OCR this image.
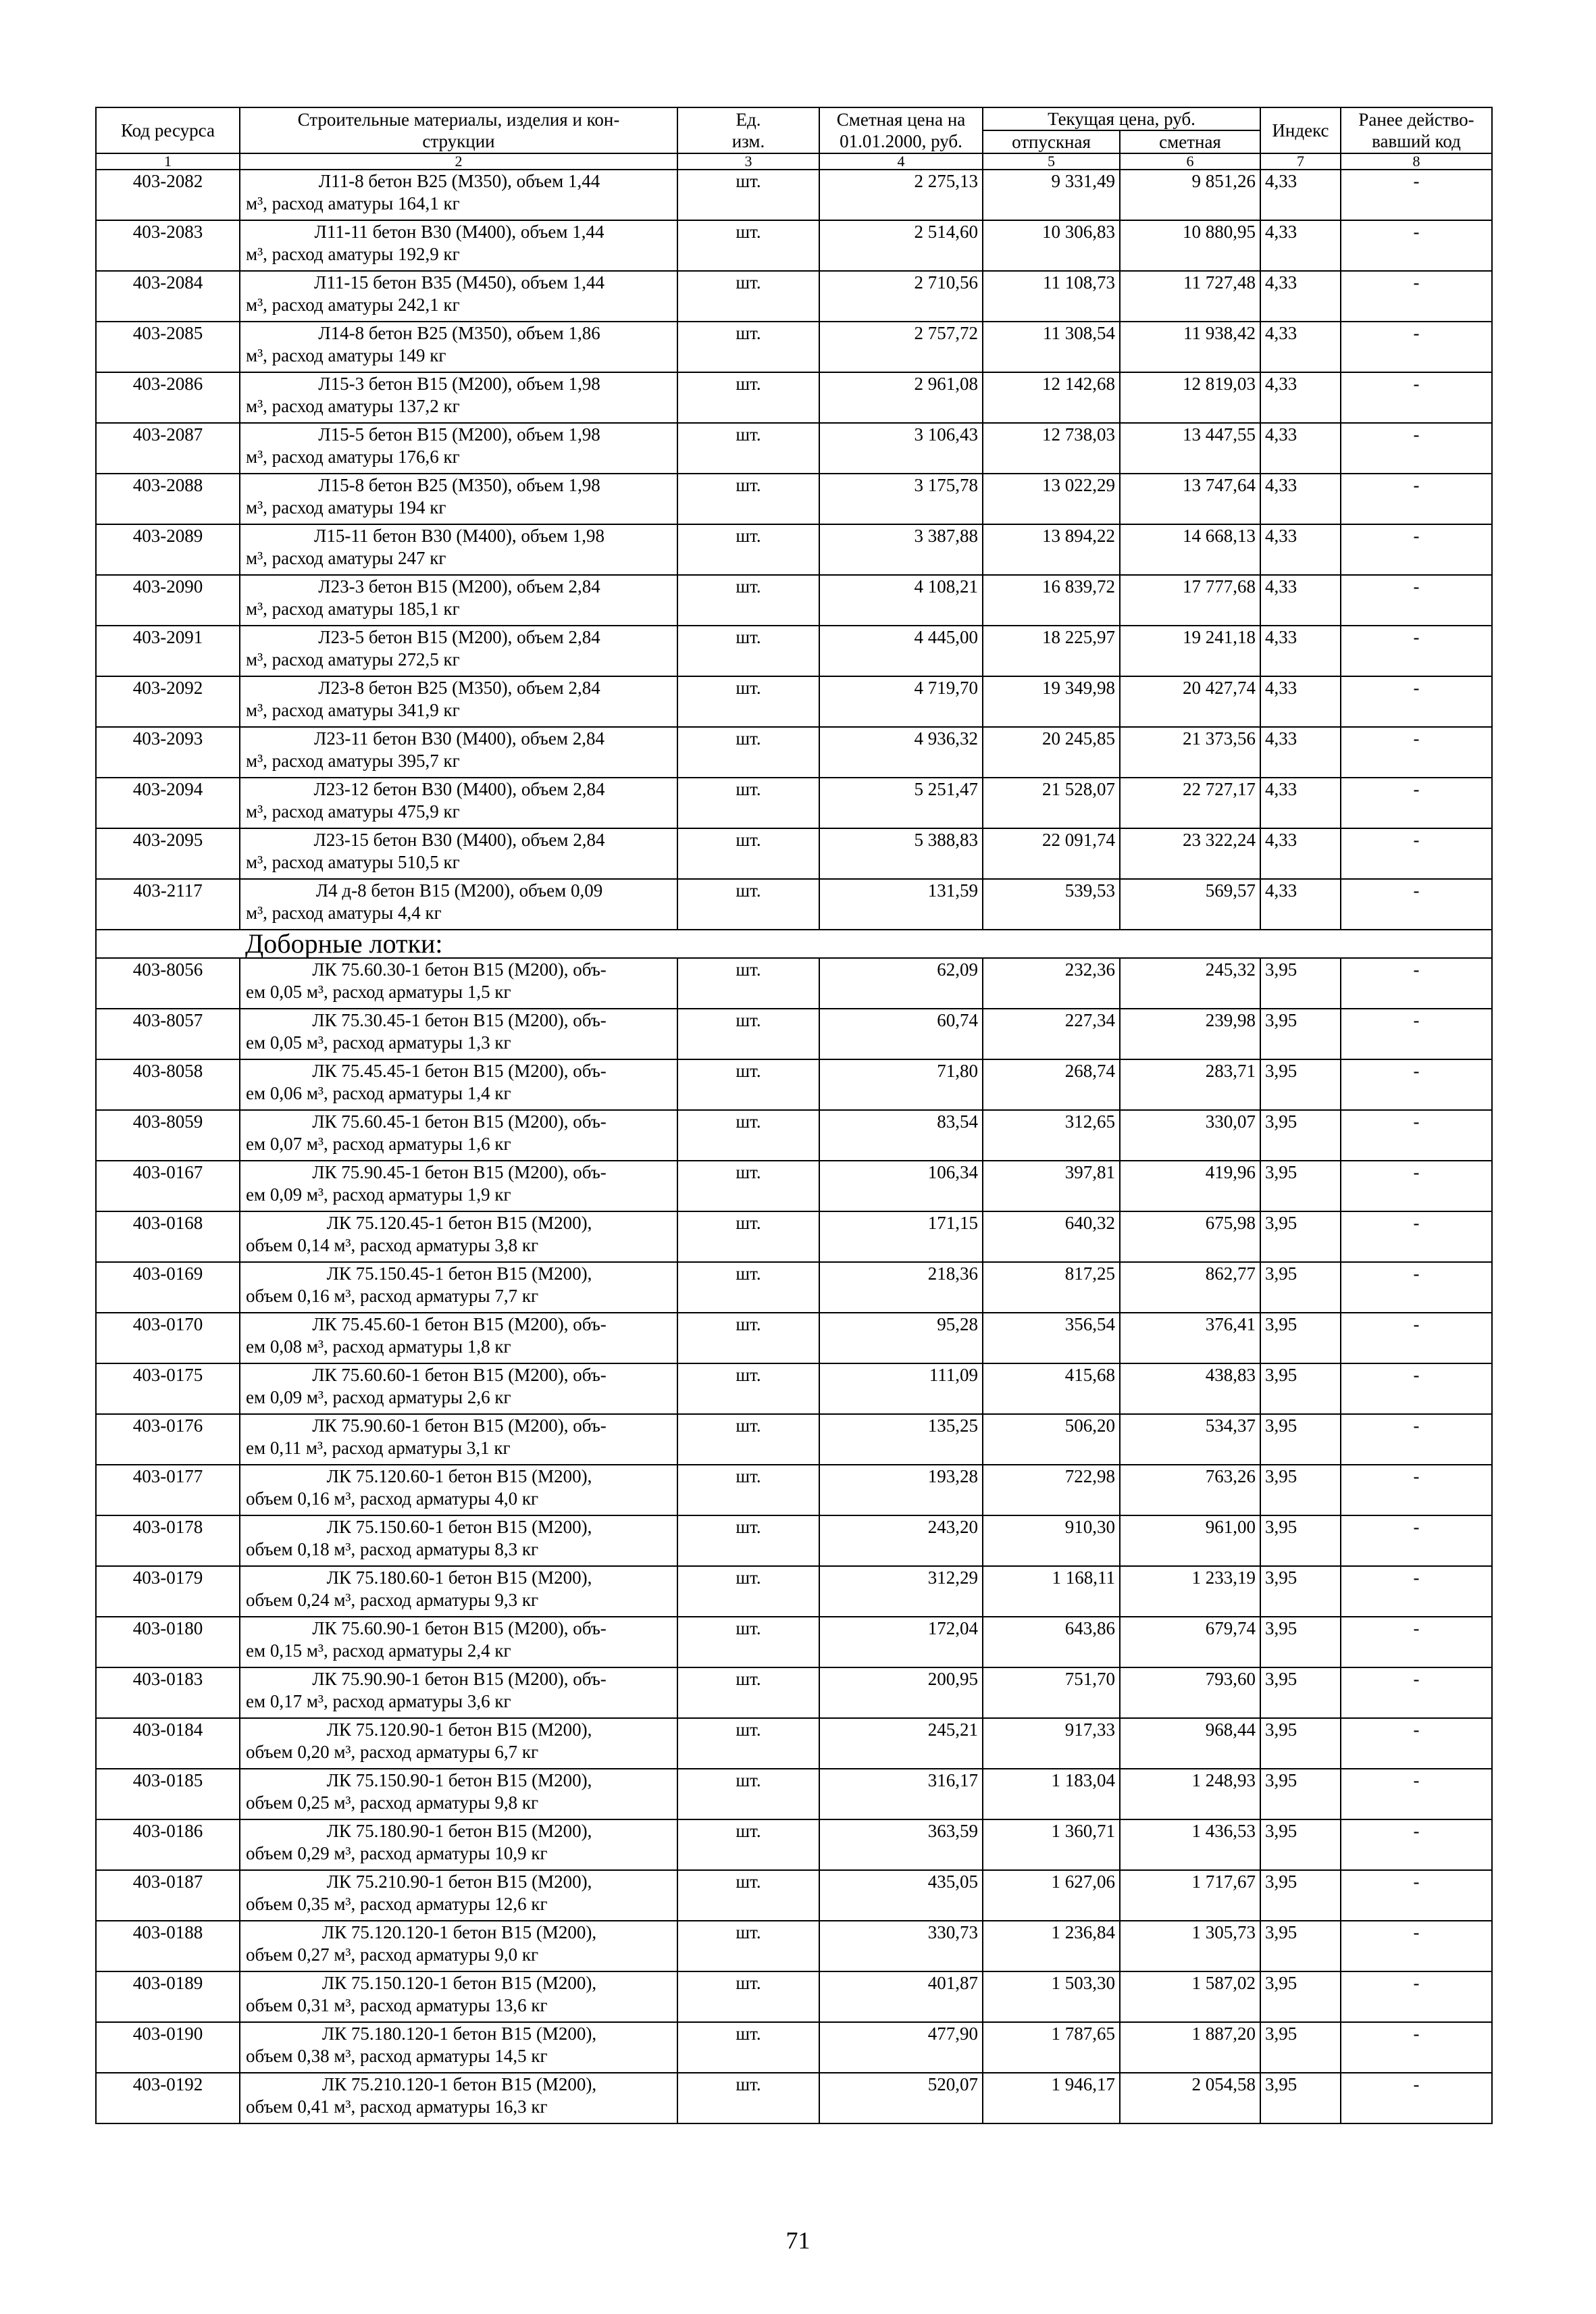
Код ресурса	Строительные материалы, изделия и кон-
струкции	Ед.
изм.	Сметная цена на
01.01.2000, руб.	Текущая цена, руб.		Индекс	Ранее действо-
вавший код
				отпускная	сметная		
1	2	3	4	5	6	7	8
403-2082	Л11-8 бетон В25 (М350), объем 1,44
м³, расход аматуры 164,1 кг	шт.	2 275,13	9 331,49	9 851,26	4,33	-
403-2083	Л11-11 бетон В30 (М400), объем 1,44
м³, расход аматуры 192,9 кг	шт.	2 514,60	10 306,83	10 880,95	4,33	-
403-2084	Л11-15 бетон В35 (М450), объем 1,44
м³, расход аматуры 242,1 кг	шт.	2 710,56	11 108,73	11 727,48	4,33	-
403-2085	Л14-8 бетон В25 (М350), объем 1,86
м³, расход аматуры 149 кг	шт.	2 757,72	11 308,54	11 938,42	4,33	-
403-2086	Л15-3 бетон В15 (М200), объем 1,98
м³, расход аматуры 137,2 кг	шт.	2 961,08	12 142,68	12 819,03	4,33	-
403-2087	Л15-5 бетон В15 (М200), объем 1,98
м³, расход аматуры 176,6 кг	шт.	3 106,43	12 738,03	13 447,55	4,33	-
403-2088	Л15-8 бетон В25 (М350), объем 1,98
м³, расход аматуры 194 кг	шт.	3 175,78	13 022,29	13 747,64	4,33	-
403-2089	Л15-11 бетон В30 (М400), объем 1,98
м³, расход аматуры 247 кг	шт.	3 387,88	13 894,22	14 668,13	4,33	-
403-2090	Л23-3 бетон В15 (М200), объем 2,84
м³, расход аматуры 185,1 кг	шт.	4 108,21	16 839,72	17 777,68	4,33	-
403-2091	Л23-5 бетон В15 (М200), объем 2,84
м³, расход аматуры 272,5 кг	шт.	4 445,00	18 225,97	19 241,18	4,33	-
403-2092	Л23-8 бетон В25 (М350), объем 2,84
м³, расход аматуры 341,9 кг	шт.	4 719,70	19 349,98	20 427,74	4,33	-
403-2093	Л23-11 бетон В30 (М400), объем 2,84
м³, расход аматуры 395,7 кг	шт.	4 936,32	20 245,85	21 373,56	4,33	-
403-2094	Л23-12 бетон В30 (М400), объем 2,84
м³, расход аматуры 475,9 кг	шт.	5 251,47	21 528,07	22 727,17	4,33	-
403-2095	Л23-15 бетон В30 (М400), объем 2,84
м³, расход аматуры 510,5 кг	шт.	5 388,83	22 091,74	23 322,24	4,33	-
403-2117	Л4 д-8 бетон В15 (М200), объем 0,09
м³, расход аматуры 4,4 кг	шт.	131,59	539,53	569,57	4,33	-
Доборные лотки:							
403-8056	ЛК 75.60.30-1 бетон В15 (М200), объ-
ем 0,05 м³, расход арматуры 1,5 кг	шт.	62,09	232,36	245,32	3,95	-
403-8057	ЛК 75.30.45-1 бетон В15 (М200), объ-
ем 0,05 м³, расход арматуры 1,3 кг	шт.	60,74	227,34	239,98	3,95	-
403-8058	ЛК 75.45.45-1 бетон В15 (М200), объ-
ем 0,06 м³, расход арматуры 1,4 кг	шт.	71,80	268,74	283,71	3,95	-
403-8059	ЛК 75.60.45-1 бетон В15 (М200), объ-
ем 0,07 м³, расход арматуры 1,6 кг	шт.	83,54	312,65	330,07	3,95	-
403-0167	ЛК 75.90.45-1 бетон В15 (М200), объ-
ем 0,09 м³, расход арматуры 1,9 кг	шт.	106,34	397,81	419,96	3,95	-
403-0168	ЛК 75.120.45-1 бетон В15 (М200),
объем 0,14 м³, расход арматуры 3,8 кг	шт.	171,15	640,32	675,98	3,95	-
403-0169	ЛК 75.150.45-1 бетон В15 (М200),
объем 0,16 м³, расход арматуры 7,7 кг	шт.	218,36	817,25	862,77	3,95	-
403-0170	ЛК 75.45.60-1 бетон В15 (М200), объ-
ем 0,08 м³, расход арматуры 1,8 кг	шт.	95,28	356,54	376,41	3,95	-
403-0175	ЛК 75.60.60-1 бетон В15 (М200), объ-
ем 0,09 м³, расход арматуры 2,6 кг	шт.	111,09	415,68	438,83	3,95	-
403-0176	ЛК 75.90.60-1 бетон В15 (М200), объ-
ем 0,11 м³, расход арматуры 3,1 кг	шт.	135,25	506,20	534,37	3,95	-
403-0177	ЛК 75.120.60-1 бетон В15 (М200),
объем 0,16 м³, расход арматуры 4,0 кг	шт.	193,28	722,98	763,26	3,95	-
403-0178	ЛК 75.150.60-1 бетон В15 (М200),
объем 0,18 м³, расход арматуры 8,3 кг	шт.	243,20	910,30	961,00	3,95	-
403-0179	ЛК 75.180.60-1 бетон В15 (М200),
объем 0,24 м³, расход арматуры 9,3 кг	шт.	312,29	1 168,11	1 233,19	3,95	-
403-0180	ЛК 75.60.90-1 бетон В15 (М200), объ-
ем 0,15 м³, расход арматуры 2,4 кг	шт.	172,04	643,86	679,74	3,95	-
403-0183	ЛК 75.90.90-1 бетон В15 (М200), объ-
ем 0,17 м³, расход арматуры 3,6 кг	шт.	200,95	751,70	793,60	3,95	-
403-0184	ЛК 75.120.90-1 бетон В15 (М200),
объем 0,20 м³, расход арматуры 6,7 кг	шт.	245,21	917,33	968,44	3,95	-
403-0185	ЛК 75.150.90-1 бетон В15 (М200),
объем 0,25 м³, расход арматуры 9,8 кг	шт.	316,17	1 183,04	1 248,93	3,95	-
403-0186	ЛК 75.180.90-1 бетон В15 (М200),
объем 0,29 м³, расход арматуры 10,9 кг	шт.	363,59	1 360,71	1 436,53	3,95	-
403-0187	ЛК 75.210.90-1 бетон В15 (М200),
объем 0,35 м³, расход арматуры 12,6 кг	шт.	435,05	1 627,06	1 717,67	3,95	-
403-0188	ЛК 75.120.120-1 бетон В15 (М200),
объем 0,27 м³, расход арматуры 9,0 кг	шт.	330,73	1 236,84	1 305,73	3,95	-
403-0189	ЛК 75.150.120-1 бетон В15 (М200),
объем 0,31 м³, расход арматуры 13,6 кг	шт.	401,87	1 503,30	1 587,02	3,95	-
403-0190	ЛК 75.180.120-1 бетон В15 (М200),
объем 0,38 м³, расход арматуры 14,5 кг	шт.	477,90	1 787,65	1 887,20	3,95	-
403-0192	ЛК 75.210.120-1 бетон В15 (М200),
объем 0,41 м³, расход арматуры 16,3 кг	шт.	520,07	1 946,17	2 054,58	3,95	-
71
